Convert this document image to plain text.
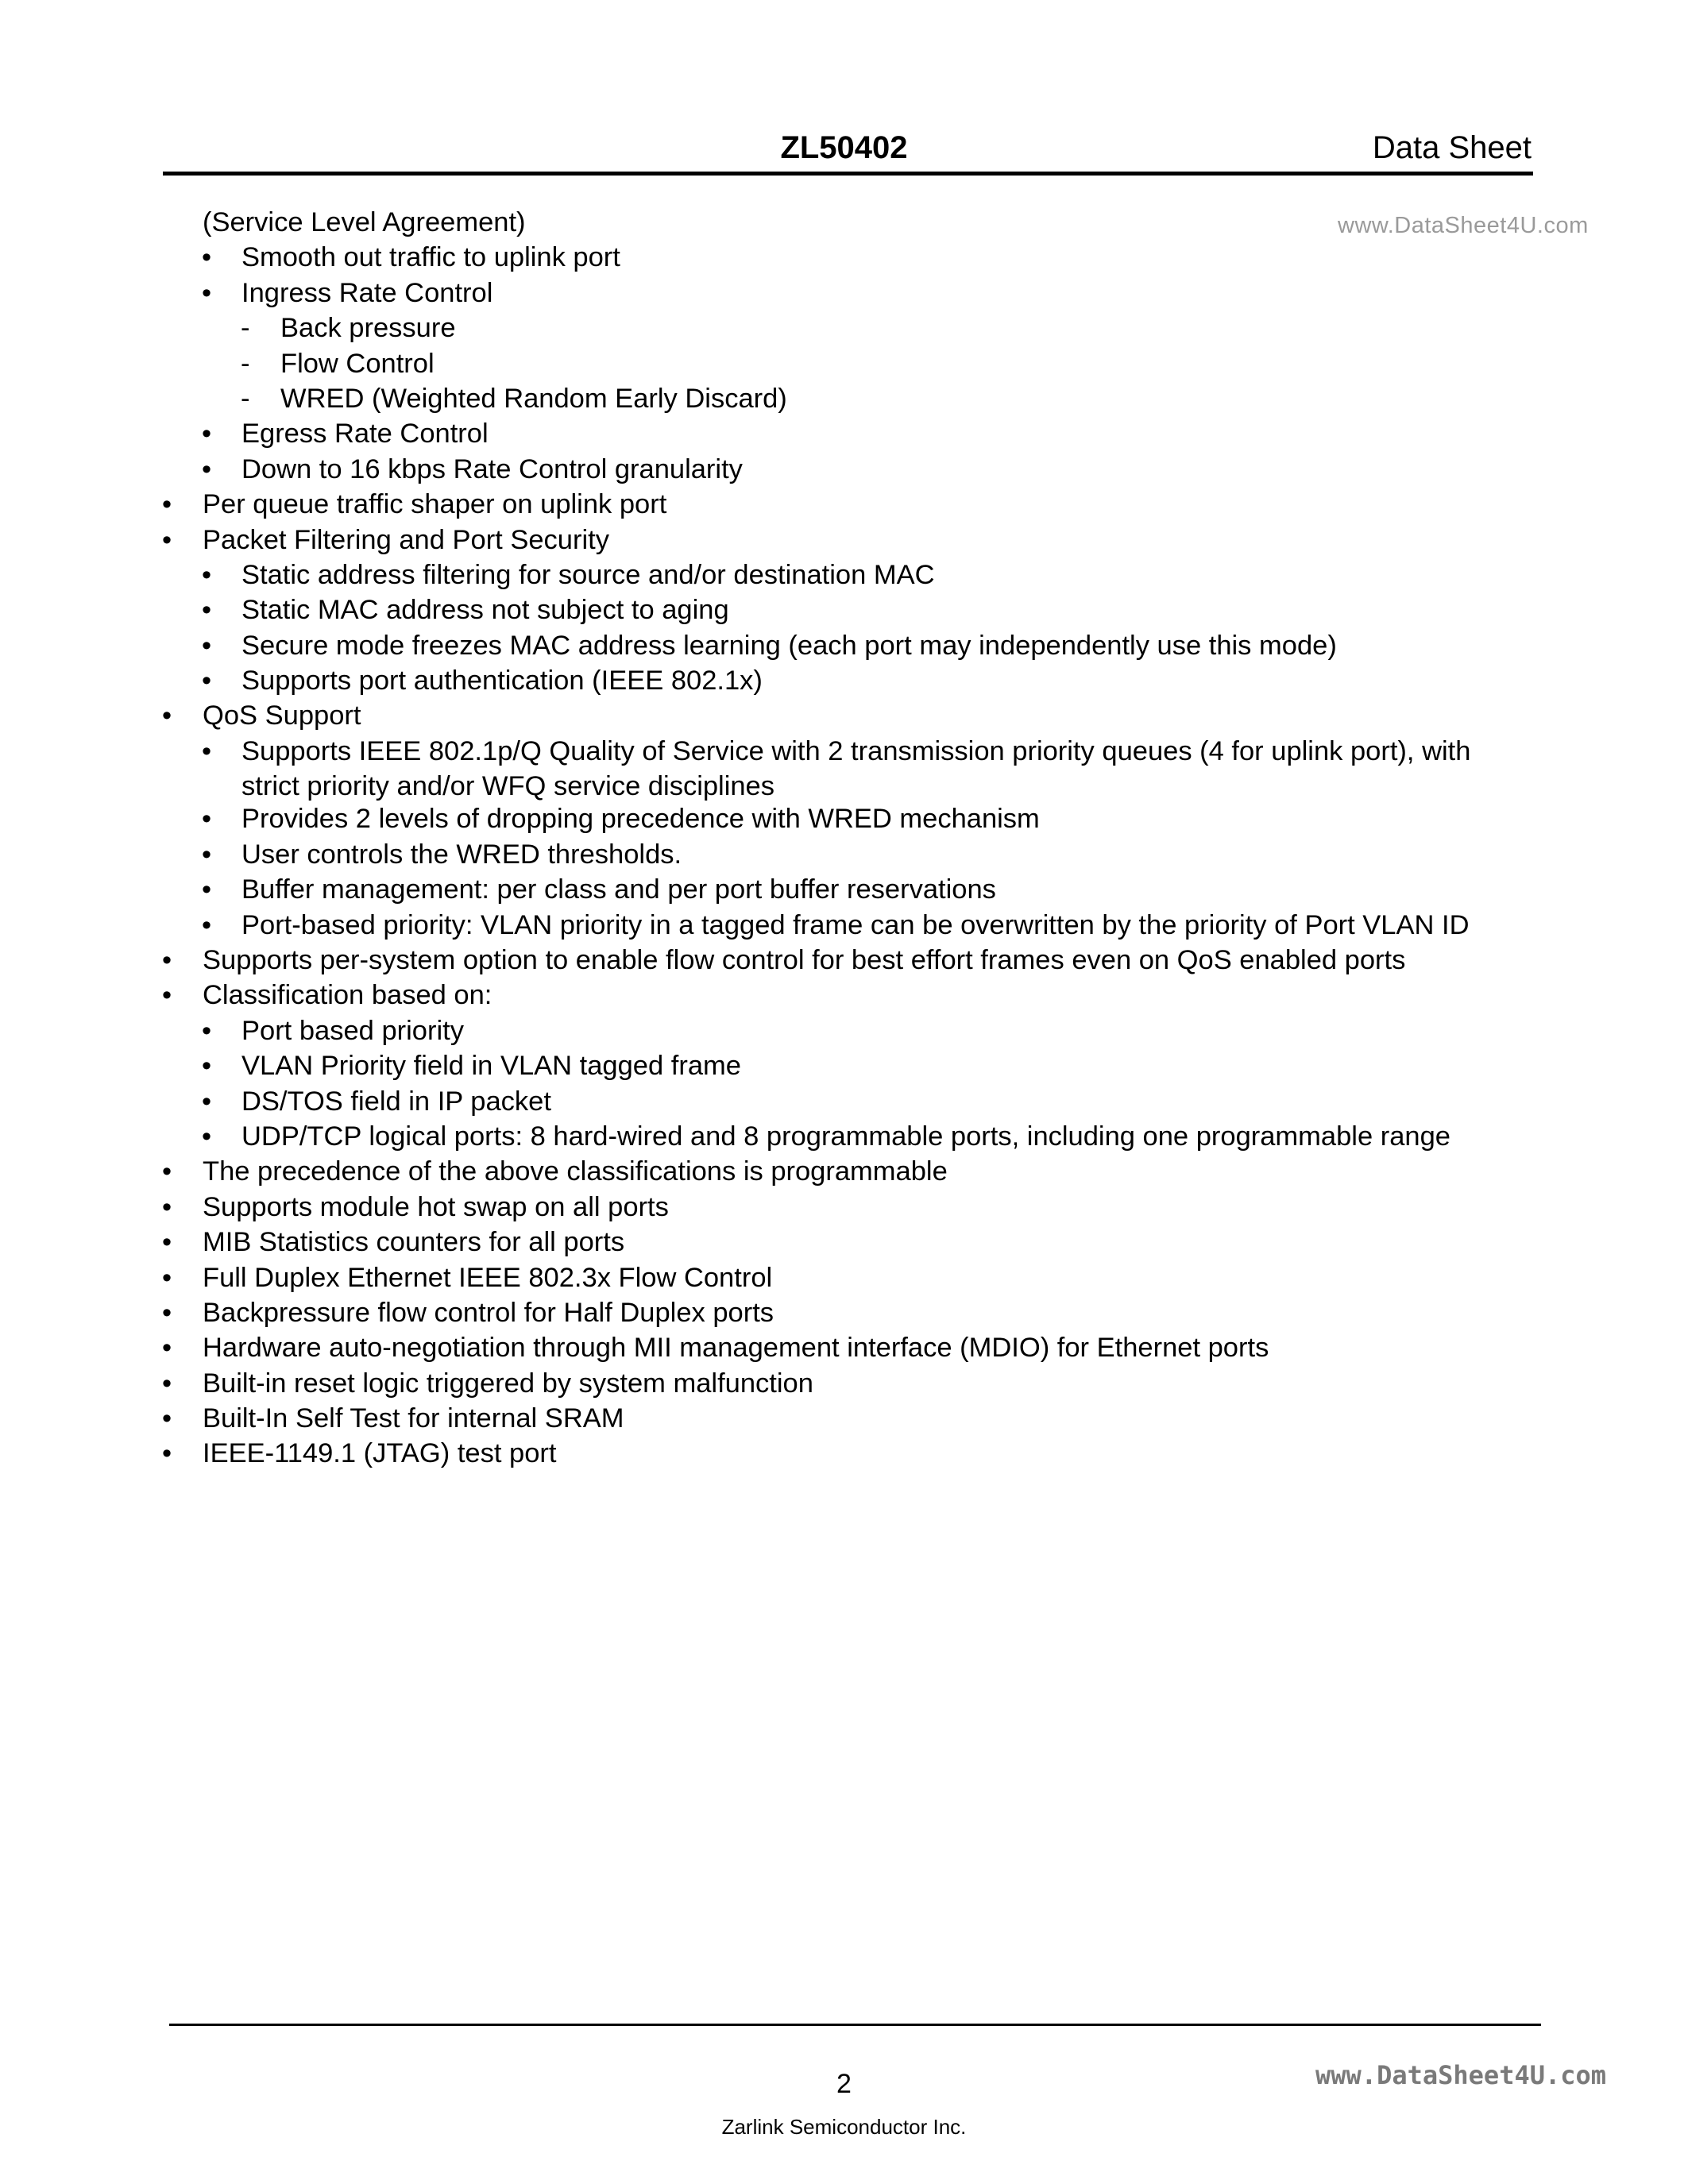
ZL50402	Data Sheet
www.DataSheet4U.com
(Service Level Agreement)
• Smooth out traffic to uplink port
• Ingress Rate Control
- Back pressure
- Flow Control
- WRED (Weighted Random Early Discard)
• Egress Rate Control
• Down to 16 kbps Rate Control granularity
• Per queue traffic shaper on uplink port
• Packet Filtering and Port Security
• Static address filtering for source and/or destination MAC
• Static MAC address not subject to aging
• Secure mode freezes MAC address learning (each port may independently use this mode)
• Supports port authentication (IEEE 802.1x)
• QoS Support
• Supports IEEE 802.1p/Q Quality of Service with 2 transmission priority queues (4 for uplink port), with strict priority and/or WFQ service disciplines
• Provides 2 levels of dropping precedence with WRED mechanism
• User controls the WRED thresholds.
• Buffer management: per class and per port buffer reservations
• Port-based priority: VLAN priority in a tagged frame can be overwritten by the priority of Port VLAN ID
• Supports per-system option to enable flow control for best effort frames even on QoS enabled ports
• Classification based on:
• Port based priority
• VLAN Priority field in VLAN tagged frame
• DS/TOS field in IP packet
• UDP/TCP logical ports: 8 hard-wired and 8 programmable ports, including one programmable range
• The precedence of the above classifications is programmable
• Supports module hot swap on all ports
• MIB Statistics counters for all ports
• Full Duplex Ethernet IEEE 802.3x Flow Control
• Backpressure flow control for Half Duplex ports
• Hardware auto-negotiation through MII management interface (MDIO) for Ethernet ports
• Built-in reset logic triggered by system malfunction
• Built-In Self Test for internal SRAM
• IEEE-1149.1 (JTAG) test port
2
Zarlink Semiconductor Inc.
www.DataSheet4U.com
